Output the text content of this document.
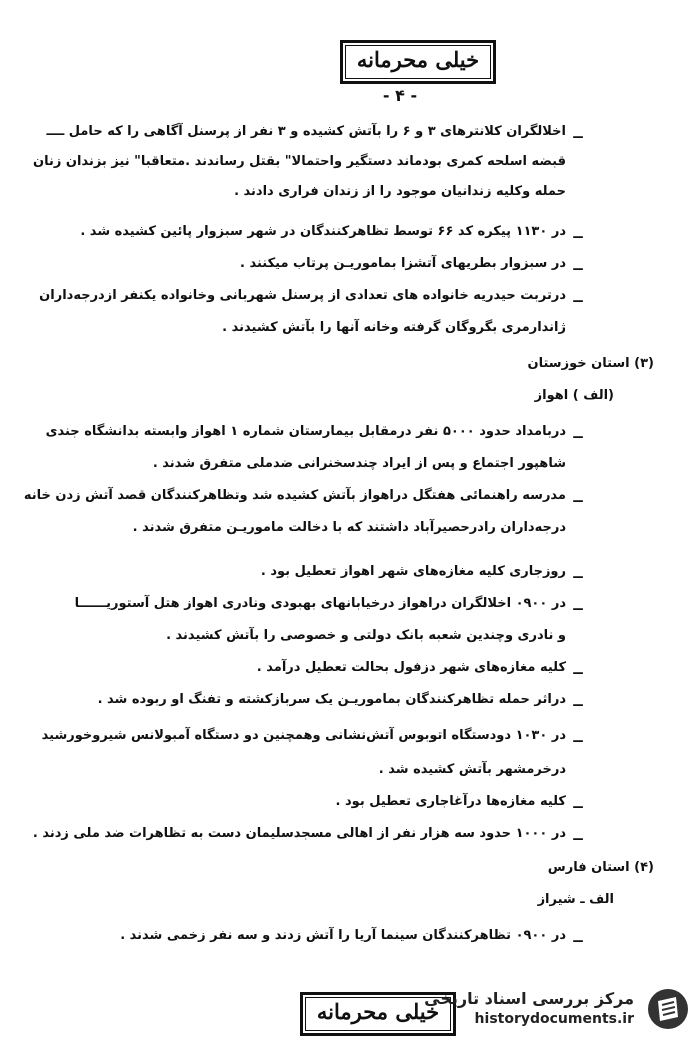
خیلی محرمانه
- ۴ -
ــ
اخلالگران کلانترهای ۳ و ۶ را بآتش کشیده و ۳ نفر از پرسنل آگاهی را که حامل ــــ
قبضه اسلحه کمری بودماند دستگیر واحتمالا" بقتل رساندند .متعاقبا" نیز بزندان زنان
حمله وکلیه زندانیان موجود را از زندان فراری دادند .
ــ
در ۱۱۳۰ پیکره کد ۶۶ توسط تظاهرکنندگان در شهر سبزوار پائین کشیده شد .
ــ
در سبزوار بطریهای آتشزا بماموریـن پرتاب میکنند .
ــ
درتربت حیدریه خانواده های تعدادی از پرسنل شهربانی وخانواده یکنفر ازدرجه‌داران
ژاندارمری بگروگان گرفته وخانه آنها را بآتش کشیدند .
(۳) استان خوزستان
(الف ) اهواز
ــ
دربامداد حدود ۵۰۰۰ نفر درمقابل بیمارستان شماره ۱ اهواز وابسته بدانشگاه جندی
شاهپور اجتماع و پس از ایراد چندسخنرانی ضدملی متفرق شدند .
ــ
مدرسه راهنمائی هفتگل دراهواز بآتش کشیده شد وتظاهرکنندگان قصد آتش زدن خانه
درجه‌داران رادرحصیرآباد داشتند که با دخالت ماموریـن متفرق شدند .
ــ
روزجاری کلیه مغازه‌های شهر اهواز تعطیل بود .
ــ
در ۰۹۰۰ اخلالگران دراهواز درخیابانهای بهبودی ونادری اهواز هتل آستوریــــــا
و نادری وچندین شعبه بانک دولتی و خصوصی را بآتش کشیدند .
ــ
کلیه مغازه‌های شهر دزفول بحالت تعطیل درآمد .
ــ
دراثر حمله تظاهرکنندگان بماموریـن یک سربازکشته و تفنگ او ربوده شد .
ــ
در ۱۰۳۰ دودستگاه اتوبوس آتش‌نشانی وهمچنین دو دستگاه آمبولانس شیروخورشید
درخرمشهر بآتش کشیده شد .
ــ
کلیه مغازه‌ها درآغاجاری تعطیل بود .
ــ
در ۱۰۰۰ حدود سه هزار نفر از اهالی مسجدسلیمان دست به تظاهرات ضد ملی زدند .
(۴) استان فارس
الف ـ شیراز
ــ
در ۰۹۰۰ تظاهرکنندگان سینما آریا را آتش زدند و سه نفر زخمی شدند .
خیلی محرمانه
مرکز بررسی اسناد تاریخی
historydocuments.ir
